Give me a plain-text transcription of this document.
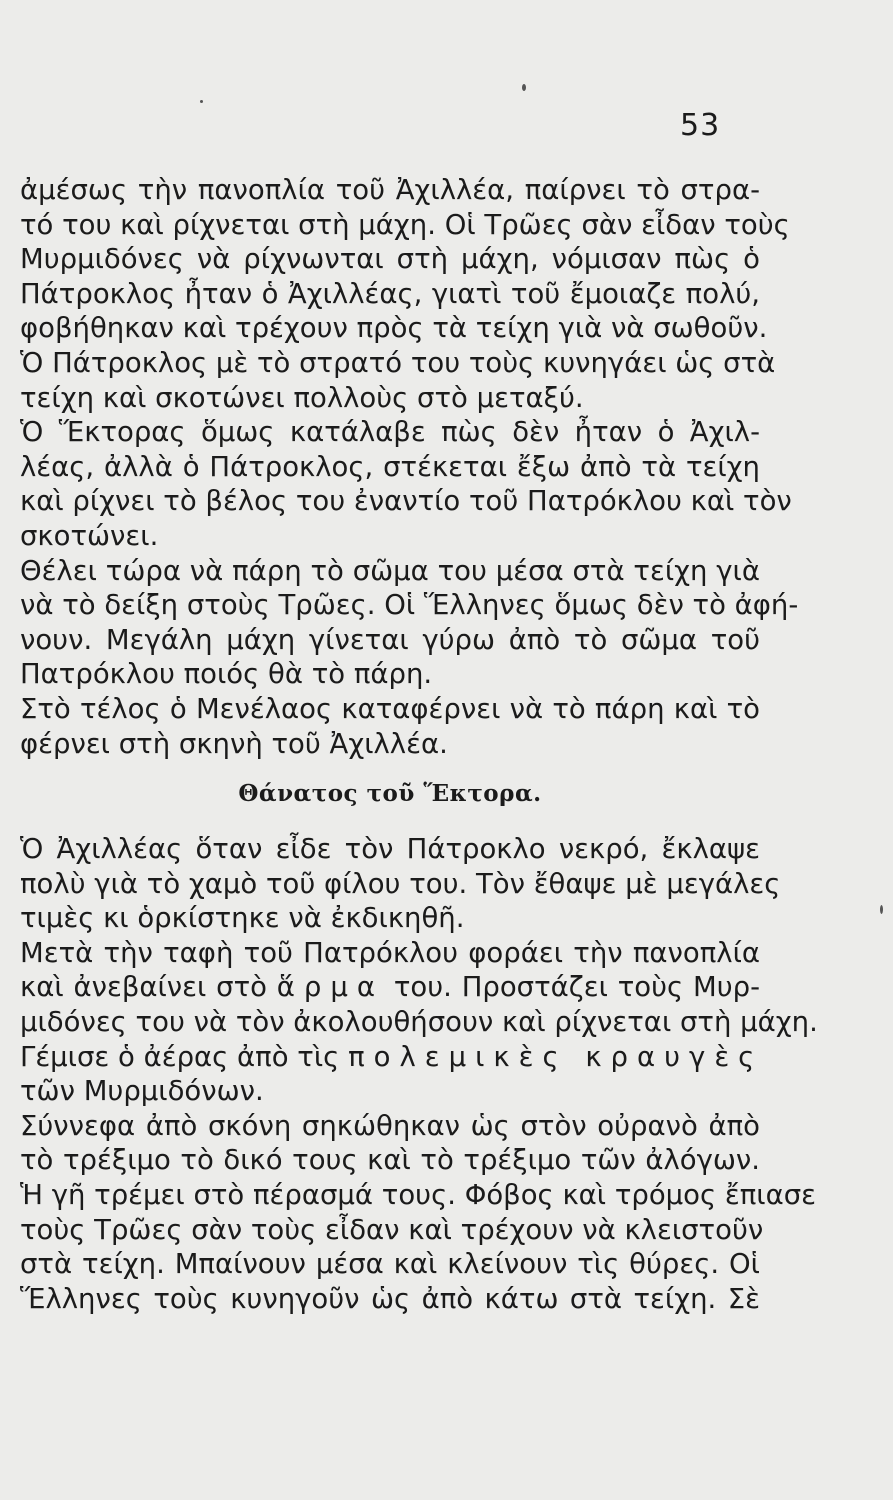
53
ἀμέσως τὴν πανοπλία τοῦ Ἀχιλλέα, παίρνει τὸ στρα-
τό του καὶ ρίχνεται στὴ μάχη. Οἱ Τρῶες σὰν εἶδαν τοὺς
Μυρμιδόνες νὰ ρίχνωνται στὴ μάχη, νόμισαν πὼς ὁ
Πάτροκλος ἦταν ὁ Ἀχιλλέας, γιατὶ τοῦ ἔμοιαζε πολύ,
φοβήθηκαν καὶ τρέχουν πρὸς τὰ τείχη γιὰ νὰ σωθοῦν.
Ὁ Πάτροκλος μὲ τὸ στρατό του τοὺς κυνηγάει ὡς στὰ
τείχη καὶ σκοτώνει πολλοὺς στὸ μεταξύ.
Ὁ Ἕκτορας ὅμως κατάλαβε πὼς δὲν ἦταν ὁ Ἀχιλ-
λέας, ἀλλὰ ὁ Πάτροκλος, στέκεται ἔξω ἀπὸ τὰ τείχη
καὶ ρίχνει τὸ βέλος του ἐναντίο τοῦ Πατρόκλου καὶ τὸν
σκοτώνει.
Θέλει τώρα νὰ πάρη τὸ σῶμα του μέσα στὰ τείχη γιὰ
νὰ τὸ δείξη στοὺς Τρῶες. Οἱ Ἕλληνες ὅμως δὲν τὸ ἀφή-
νουν. Μεγάλη μάχη γίνεται γύρω ἀπὸ τὸ σῶμα τοῦ
Πατρόκλου ποιός θὰ τὸ πάρη.
Στὸ τέλος ὁ Μενέλαος καταφέρνει νὰ τὸ πάρη καὶ τὸ
φέρνει στὴ σκηνὴ τοῦ Ἀχιλλέα.
Θάνατος τοῦ Ἕκτορα.
Ὁ Ἀχιλλέας ὅταν εἶδε τὸν Πάτροκλο νεκρό, ἔκλαψε
πολὺ γιὰ τὸ χαμὸ τοῦ φίλου του. Τὸν ἔθαψε μὲ μεγάλες
τιμὲς κι ὁρκίστηκε νὰ ἐκδικηθῆ.
Μετὰ τὴν ταφὴ τοῦ Πατρόκλου φοράει τὴν πανοπλία
καὶ ἀνεβαίνει στὸ ἅρμα του. Προστάζει τοὺς Μυρ-
μιδόνες του νὰ τὸν ἀκολουθήσουν καὶ ρίχνεται στὴ μάχη.
Γέμισε ὁ ἀέρας ἀπὸ τὶς πολεμικὲς κραυγὲς
τῶν Μυρμιδόνων.
Σύννεφα ἀπὸ σκόνη σηκώθηκαν ὡς στὸν οὐρανὸ ἀπὸ
τὸ τρέξιμο τὸ δικό τους καὶ τὸ τρέξιμο τῶν ἀλόγων.
Ἡ γῆ τρέμει στὸ πέρασμά τους. Φόβος καὶ τρόμος ἔπιασε
τοὺς Τρῶες σὰν τοὺς εἶδαν καὶ τρέχουν νὰ κλειστοῦν
στὰ τείχη. Μπαίνουν μέσα καὶ κλείνουν τὶς θύρες. Οἱ
Ἕλληνες τοὺς κυνηγοῦν ὡς ἀπὸ κάτω στὰ τείχη. Σὲ
